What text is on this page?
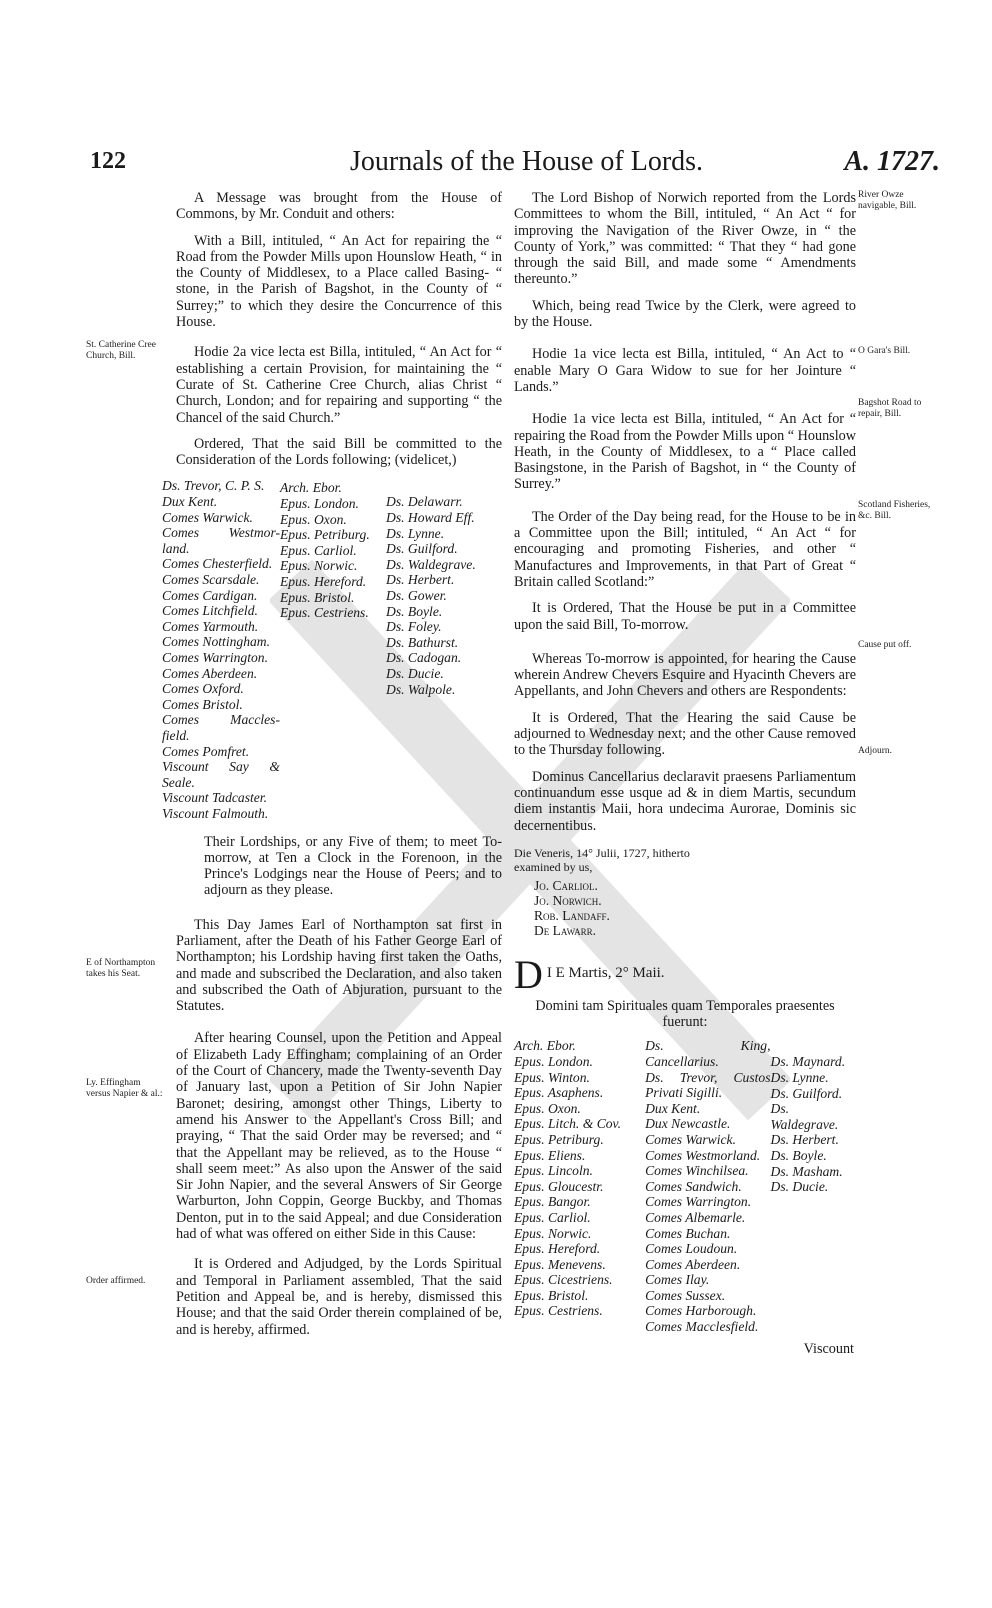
122	Journals of the House of Lords.	A. 1727.

A Message was brought from the House of Commons, by Mr. Conduit and others:

With a Bill, intituled, “ An Act for repairing the “ Road from the Powder Mills upon Hounslow Heath, “ in the County of Middlesex, to a Place called Basing- “ stone, in the Parish of Bagshot, in the County of “ Surrey;” to which they desire the Concurrence of this House.

Hodie 2a vice lecta est Billa, intituled, “ An Act for “ establishing a certain Provision, for maintaining the “ Curate of St. Catherine Cree Church, alias Christ “ Church, London; and for repairing and supporting “ the Chancel of the said Church.”

Ordered, That the said Bill be committed to the Consideration of the Lords following; (videlicet,)

Ds. Trevor, C. P. S.
Dux Kent.
Comes Warwick.
Comes Westmor- land.
Comes Chesterfield.
Comes Scarsdale.
Comes Cardigan.
Comes Litchfield.
Comes Yarmouth.
Comes Nottingham.
Comes Warrington.
Comes Aberdeen.
Comes Oxford.
Comes Bristol.
Comes Maccles- field.
Comes Pomfret.
Viscount Say & Seale.
Viscount Tadcaster.
Viscount Falmouth.
Arch. Ebor.
Epus. London.
Epus. Oxon.
Epus. Petriburg.
Epus. Carliol.
Epus. Norwic.
Epus. Hereford.
Epus. Bristol.
Epus. Cestriens.
Ds. Delawarr.
Ds. Howard Eff.
Ds. Lynne.
Ds. Guilford.
Ds. Waldegrave.
Ds. Herbert.
Ds. Gower.
Ds. Boyle.
Ds. Foley.
Ds. Bathurst.
Ds. Cadogan.
Ds. Ducie.
Ds. Walpole.

Their Lordships, or any Five of them; to meet To-morrow, at Ten a Clock in the Forenoon, in the Prince's Lodgings near the House of Peers; and to adjourn as they please.

This Day James Earl of Northampton sat first in Parliament, after the Death of his Father George Earl of Northampton; his Lordship having first taken the Oaths, and made and subscribed the Declaration, and also taken and subscribed the Oath of Abjuration, pursuant to the Statutes.

After hearing Counsel, upon the Petition and Appeal of Elizabeth Lady Effingham; complaining of an Order of the Court of Chancery, made the Twenty-seventh Day of January last, upon a Petition of Sir John Napier Baronet; desiring, amongst other Things, Liberty to amend his Answer to the Appellant's Cross Bill; and praying, “ That the said Order may be reversed; and “ that the Appellant may be relieved, as to the House “ shall seem meet:” As also upon the Answer of the said Sir John Napier, and the several Answers of Sir George Warburton, John Coppin, George Buckby, and Thomas Denton, put in to the said Appeal; and due Consideration had of what was offered on either Side in this Cause:

It is Ordered and Adjudged, by the Lords Spiritual and Temporal in Parliament assembled, That the said Petition and Appeal be, and is hereby, dismissed this House; and that the said Order therein complained of be, and is hereby, affirmed.

St. Catherine Cree Church, Bill.
E of Northampton takes his Seat.
Ly. Effingham versus Napier & al.:
Order affirmed.

The Lord Bishop of Norwich reported from the Lords Committees to whom the Bill, intituled, “ An Act “ for improving the Navigation of the River Owze, in “ the County of York,” was committed: “ That they “ had gone through the said Bill, and made some “ Amendments thereunto.”

Which, being read Twice by the Clerk, were agreed to by the House.

Hodie 1a vice lecta est Billa, intituled, “ An Act to “ enable Mary O Gara Widow to sue for her Jointure “ Lands.”

Hodie 1a vice lecta est Billa, intituled, “ An Act for “ repairing the Road from the Powder Mills upon “ Hounslow Heath, in the County of Middlesex, to a “ Place called Basingstone, in the Parish of Bagshot, in “ the County of Surrey.”

The Order of the Day being read, for the House to be in a Committee upon the Bill; intituled, “ An Act “ for encouraging and promoting Fisheries, and other “ Manufactures and Improvements, in that Part of Great “ Britain called Scotland:”

It is Ordered, That the House be put in a Committee upon the said Bill, To-morrow.

Whereas To-morrow is appointed, for hearing the Cause wherein Andrew Chevers Esquire and Hyacinth Chevers are Appellants, and John Chevers and others are Respondents:

It is Ordered, That the Hearing the said Cause be adjourned to Wednesday next; and the other Cause removed to the Thursday following.

Dominus Cancellarius declaravit praesens Parliamentum continuandum esse usque ad & in diem Martis, secundum diem instantis Maii, hora undecima Aurorae, Dominis sic decernentibus.

Die Veneris, 14° Julii, 1727, hitherto examined by us,

Jo. Carliol.
Jo. Norwich.
Rob. Landaff.
De Lawarr.
D I E Martis, 2° Maii.

Domini tam Spirituales quam Temporales praesentes fuerunt:

Arch. Ebor.
Epus. London.
Epus. Winton.
Epus. Asaphens.
Epus. Oxon.
Epus. Litch. & Cov.
Epus. Petriburg.
Epus. Eliens.
Epus. Lincoln.
Epus. Gloucestr.
Epus. Bangor.
Epus. Carliol.
Epus. Norwic.
Epus. Hereford.
Epus. Menevens.
Epus. Cicestriens.
Epus. Bristol.
Epus. Cestriens.
Ds. King, Cancellarius.
Ds. Trevor, Custos Privati Sigilli.
Dux Kent.
Dux Newcastle.
Comes Warwick.
Comes Westmorland.
Comes Winchilsea.
Comes Sandwich.
Comes Warrington.
Comes Albemarle.
Comes Buchan.
Comes Loudoun.
Comes Aberdeen.
Comes Ilay.
Comes Sussex.
Comes Harborough.
Comes Macclesfield.
Ds. Maynard.
Ds. Lynne.
Ds. Guilford.
Ds. Waldegrave.
Ds. Herbert.
Ds. Boyle.
Ds. Masham.
Ds. Ducie.
Viscount
River Owze navigable, Bill.
O Gara's Bill.
Bagshot Road to repair, Bill.
Scotland Fisheries, &c. Bill.
Cause put off.
Adjourn.
